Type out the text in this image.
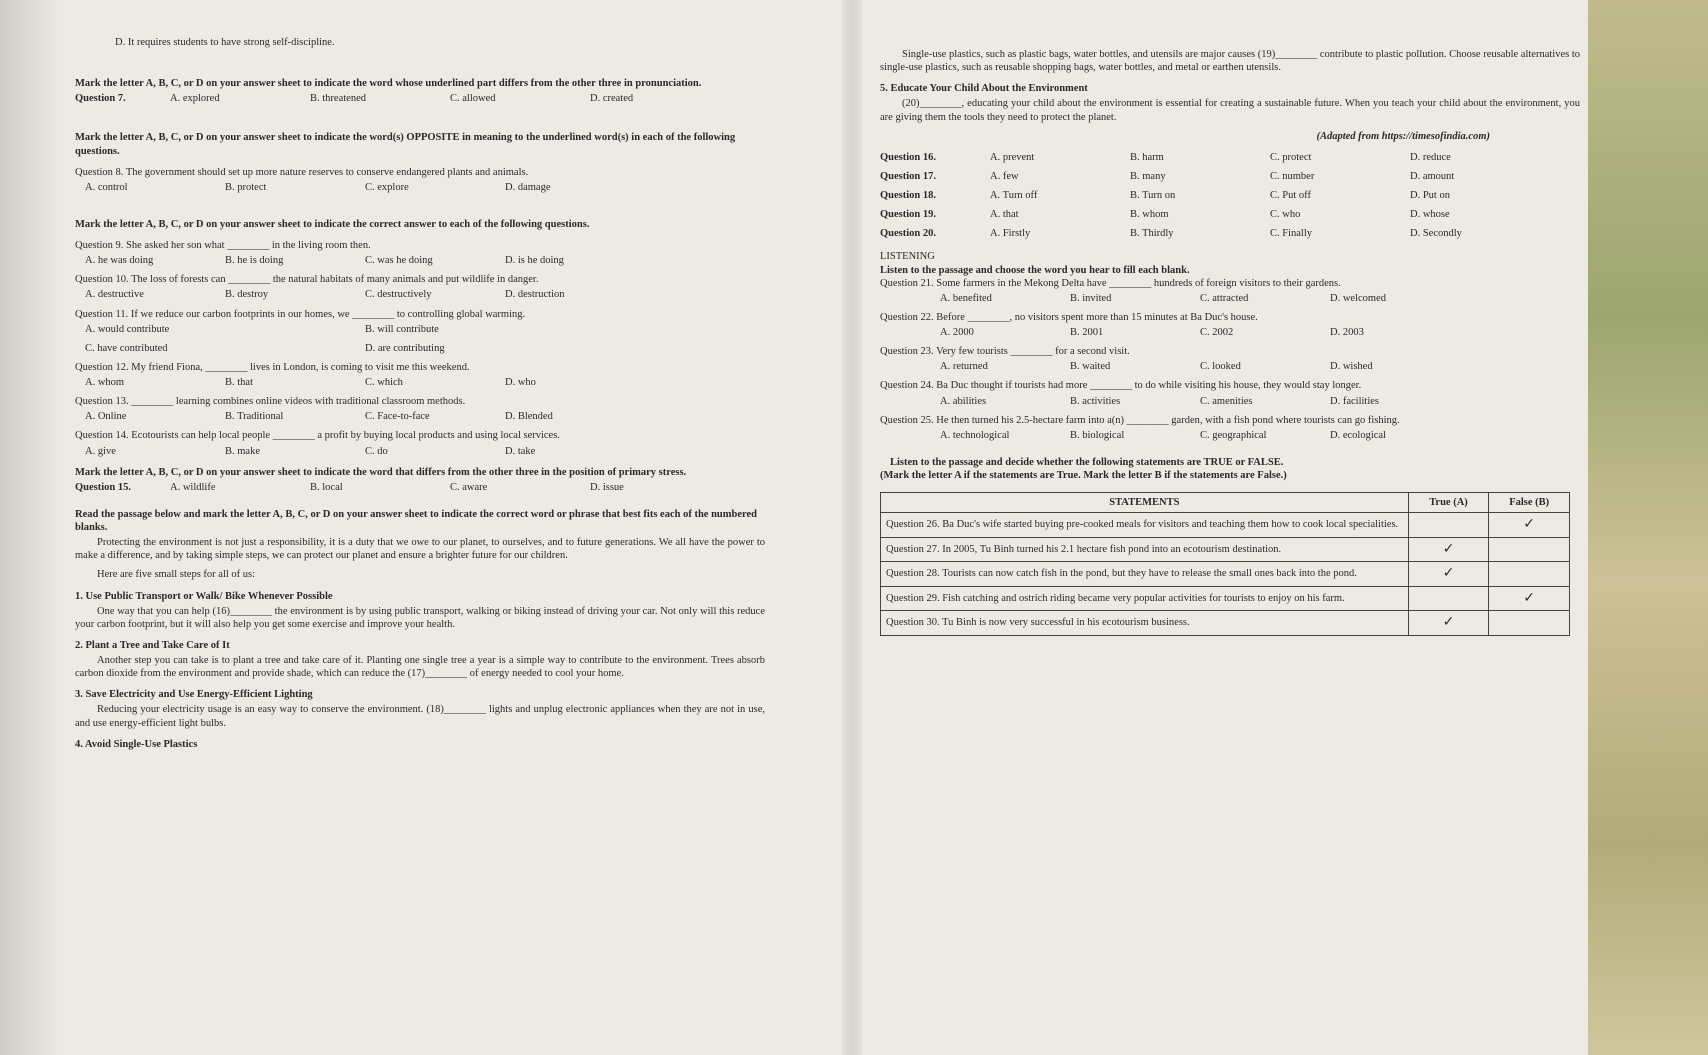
D. It requires students to have strong self-discipline.
Mark the letter A, B, C, or D on your answer sheet to indicate the word whose underlined part differs from the other three in pronunciation.
Question 7.	A. explored	B. threatened	C. allowed	D. created
Mark the letter A, B, C, or D on your answer sheet to indicate the word(s) OPPOSITE in meaning to the underlined word(s) in each of the following questions.
Question 8. The government should set up more nature reserves to conserve endangered plants and animals.
A. control	B. protect	C. explore	D. damage
Mark the letter A, B, C, or D on your answer sheet to indicate the correct answer to each of the following questions.
Question 9. She asked her son what ________ in the living room then.
A. he was doing	B. he is doing	C. was he doing	D. is he doing
Question 10. The loss of forests can ________ the natural habitats of many animals and put wildlife in danger.
A. destructive	B. destroy	C. destructively	D. destruction
Question 11. If we reduce our carbon footprints in our homes, we ________ to controlling global warming.
A. would contribute	B. will contribute
C. have contributed	D. are contributing
Question 12. My friend Fiona, ________ lives in London, is coming to visit me this weekend.
A. whom	B. that	C. which	D. who
Question 13. ________ learning combines online videos with traditional classroom methods.
A. Online	B. Traditional	C. Face-to-face	D. Blended
Question 14. Ecotourists can help local people ________ a profit by buying local products and using local services.
A. give	B. make	C. do	D. take
Mark the letter A, B, C, or D on your answer sheet to indicate the word that differs from the other three in the position of primary stress.
Question 15.	A. wildlife	B. local	C. aware	D. issue
Read the passage below and mark the letter A, B, C, or D on your answer sheet to indicate the correct word or phrase that best fits each of the numbered blanks.
Protecting the environment is not just a responsibility, it is a duty that we owe to our planet, to ourselves, and to future generations. We all have the power to make a difference, and by taking simple steps, we can protect our planet and ensure a brighter future for our children.
Here are five small steps for all of us:
1. Use Public Transport or Walk/ Bike Whenever Possible
One way that you can help (16)________ the environment is by using public transport, walking or biking instead of driving your car. Not only will this reduce your carbon footprint, but it will also help you get some exercise and improve your health.
2. Plant a Tree and Take Care of It
Another step you can take is to plant a tree and take care of it. Planting one single tree a year is a simple way to contribute to the environment. Trees absorb carbon dioxide from the environment and provide shade, which can reduce the (17)________ of energy needed to cool your home.
3. Save Electricity and Use Energy-Efficient Lighting
Reducing your electricity usage is an easy way to conserve the environment. (18)________ lights and unplug electronic appliances when they are not in use, and use energy-efficient light bulbs.
4. Avoid Single-Use Plastics
Single-use plastics, such as plastic bags, water bottles, and utensils are major causes (19)________ contribute to plastic pollution. Choose reusable alternatives to single-use plastics, such as reusable shopping bags, water bottles, and metal or earthen utensils.
5. Educate Your Child About the Environment
(20)________, educating your child about the environment is essential for creating a sustainable future. When you teach your child about the environment, you are giving them the tools they need to protect the planet.
(Adapted from https://timesofindia.com)
Question 16.	A. prevent	B. harm	C. protect	D. reduce
Question 17.	A. few	B. many	C. number	D. amount
Question 18.	A. Turn off	B. Turn on	C. Put off	D. Put on
Question 19.	A. that	B. whom	C. who	D. whose
Question 20.	A. Firstly	B. Thirdly	C. Finally	D. Secondly
LISTENING
Listen to the passage and choose the word you hear to fill each blank.
Question 21. Some farmers in the Mekong Delta have ________ hundreds of foreign visitors to their gardens.
A. benefited	B. invited	C. attracted	D. welcomed
Question 22. Before ________, no visitors spent more than 15 minutes at Ba Duc's house.
A. 2000	B. 2001	C. 2002	D. 2003
Question 23. Very few tourists ________ for a second visit.
A. returned	B. waited	C. looked	D. wished
Question 24. Ba Duc thought if tourists had more ________ to do while visiting his house, they would stay longer.
A. abilities	B. activities	C. amenities	D. facilities
Question 25. He then turned his 2.5-hectare farm into a(n) ________ garden, with a fish pond where tourists can go fishing.
A. technological	B. biological	C. geographical	D. ecological
Listen to the passage and decide whether the following statements are TRUE or FALSE.
(Mark the letter A if the statements are True. Mark the letter B if the statements are False.)
STATEMENTS	True (A)	False (B)
Question 26. Ba Duc's wife started buying pre-cooked meals for visitors and teaching them how to cook local specialities.		✓
Question 27. In 2005, Tu Binh turned his 2.1 hectare fish pond into an ecotourism destination.	✓	
Question 28. Tourists can now catch fish in the pond, but they have to release the small ones back into the pond.	✓	
Question 29. Fish catching and ostrich riding became very popular activities for tourists to enjoy on his farm.		✓
Question 30. Tu Binh is now very successful in his ecotourism business.	✓	
